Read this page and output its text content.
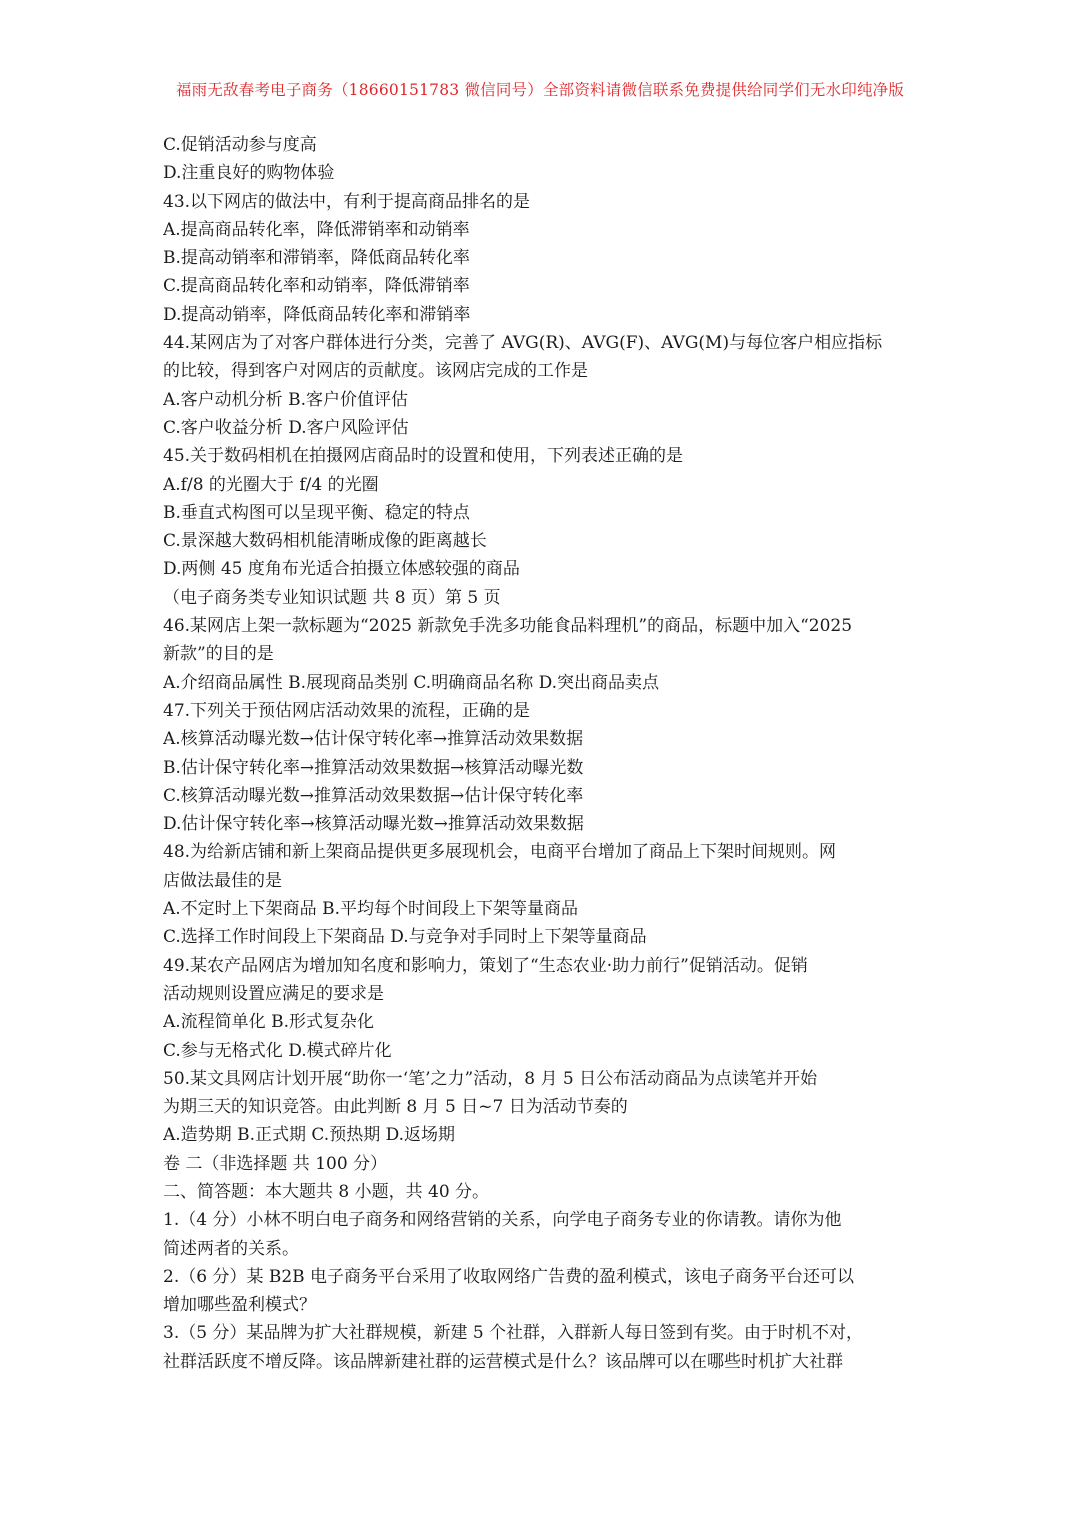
福雨无敌春考电子商务（18660151783 微信同号）全部资料请微信联系免费提供给同学们无水印纯净版
C.促销活动参与度高
D.注重良好的购物体验
43.以下网店的做法中，有利于提高商品排名的是
A.提高商品转化率，降低滞销率和动销率
B.提高动销率和滞销率，降低商品转化率
C.提高商品转化率和动销率，降低滞销率
D.提高动销率，降低商品转化率和滞销率
44.某网店为了对客户群体进行分类，完善了 AVG(R)、AVG(F)、AVG(M)与每位客户相应指标
的比较，得到客户对网店的贡献度。该网店完成的工作是
A.客户动机分析 B.客户价值评估
C.客户收益分析 D.客户风险评估
45.关于数码相机在拍摄网店商品时的设置和使用，下列表述正确的是
A.f/8 的光圈大于 f/4 的光圈
B.垂直式构图可以呈现平衡、稳定的特点
C.景深越大数码相机能清晰成像的距离越长
D.两侧 45 度角布光适合拍摄立体感较强的商品
（电子商务类专业知识试题 共 8 页）第 5 页
46.某网店上架一款标题为“2025 新款免手洗多功能食品料理机”的商品，标题中加入“2025
新款”的目的是
A.介绍商品属性 B.展现商品类别 C.明确商品名称 D.突出商品卖点
47.下列关于预估网店活动效果的流程，正确的是
A.核算活动曝光数→估计保守转化率→推算活动效果数据
B.估计保守转化率→推算活动效果数据→核算活动曝光数
C.核算活动曝光数→推算活动效果数据→估计保守转化率
D.估计保守转化率→核算活动曝光数→推算活动效果数据
48.为给新店铺和新上架商品提供更多展现机会，电商平台增加了商品上下架时间规则。网
店做法最佳的是
A.不定时上下架商品 B.平均每个时间段上下架等量商品
C.选择工作时间段上下架商品 D.与竞争对手同时上下架等量商品
49.某农产品网店为增加知名度和影响力，策划了“生态农业·助力前行”促销活动。促销
活动规则设置应满足的要求是
A.流程简单化 B.形式复杂化
C.参与无格式化 D.模式碎片化
50.某文具网店计划开展“助你一‘笔’之力”活动，8 月 5 日公布活动商品为点读笔并开始
为期三天的知识竞答。由此判断 8 月 5 日~7 日为活动节奏的
A.造势期 B.正式期 C.预热期 D.返场期
卷 二（非选择题 共 100 分）
二、简答题：本大题共 8 小题，共 40 分。
1.（4 分）小林不明白电子商务和网络营销的关系，向学电子商务专业的你请教。请你为他
简述两者的关系。
2.（6 分）某 B2B 电子商务平台采用了收取网络广告费的盈利模式，该电子商务平台还可以
增加哪些盈利模式？
3.（5 分）某品牌为扩大社群规模，新建 5 个社群，入群新人每日签到有奖。由于时机不对，
社群活跃度不增反降。该品牌新建社群的运营模式是什么？该品牌可以在哪些时机扩大社群
